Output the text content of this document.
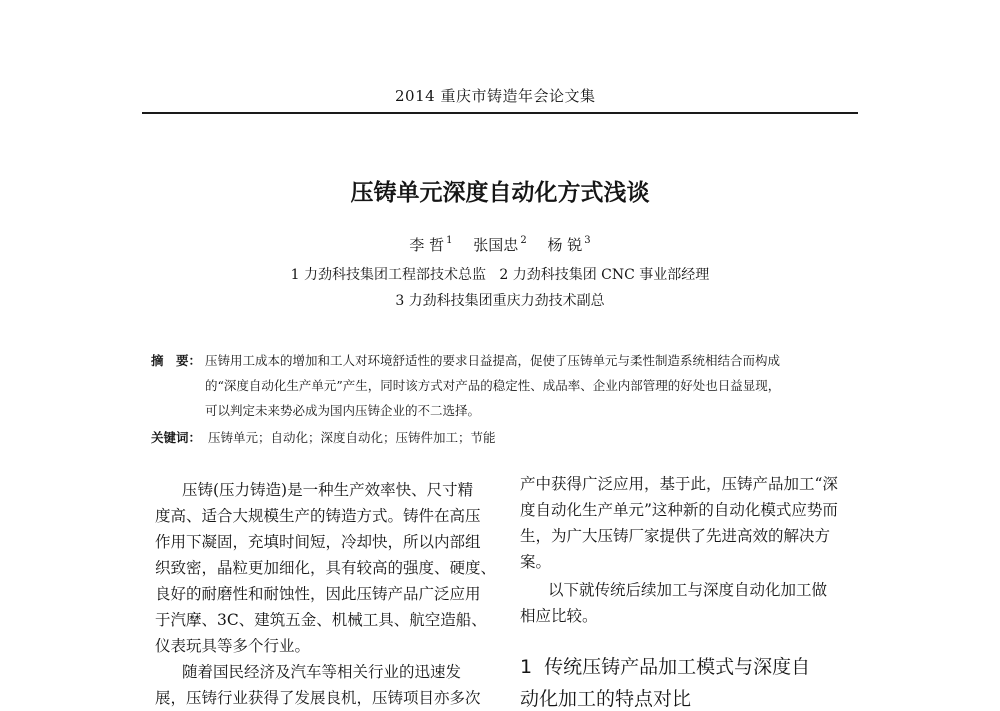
2014 重庆市铸造年会论文集
压铸单元深度自动化方式浅谈
李 哲 $^1$ 张国忠 $^2$ 杨 锐 $^3$
1 力劲科技集团工程部技术总监   2 力劲科技集团 CNC 事业部经理
3 力劲科技集团重庆力劲技术副总
摘　要： 压铸用工成本的增加和工人对环境舒适性的要求日益提高，促使了压铸单元与柔性制造系统相结合而构成
的“深度自动化生产单元”产生，同时该方式对产品的稳定性、成品率、企业内部管理的好处也日益显现，
可以判定未来势必成为国内压铸企业的不二选择。
关键词： 压铸单元；自动化；深度自动化；压铸件加工；节能
压铸(压力铸造)是一种生产效率快、尺寸精
度高、适合大规模生产的铸造方式。铸件在高压
作用下凝固，充填时间短，冷却快，所以内部组
织致密，晶粒更加细化，具有较高的强度、硬度、
良好的耐磨性和耐蚀性，因此压铸产品广泛应用
于汽摩、3C、建筑五金、机械工具、航空造船、
仪表玩具等多个行业。
随着国民经济及汽车等相关行业的迅速发
展，压铸行业获得了发展良机，压铸项目亦多次
产中获得广泛应用，基于此，压铸产品加工“深
度自动化生产单元”这种新的自动化模式应势而
生，为广大压铸厂家提供了先进高效的解决方
案。
以下就传统后续加工与深度自动化加工做
相应比较。
1  传统压铸产品加工模式与深度自
动化加工的特点对比
